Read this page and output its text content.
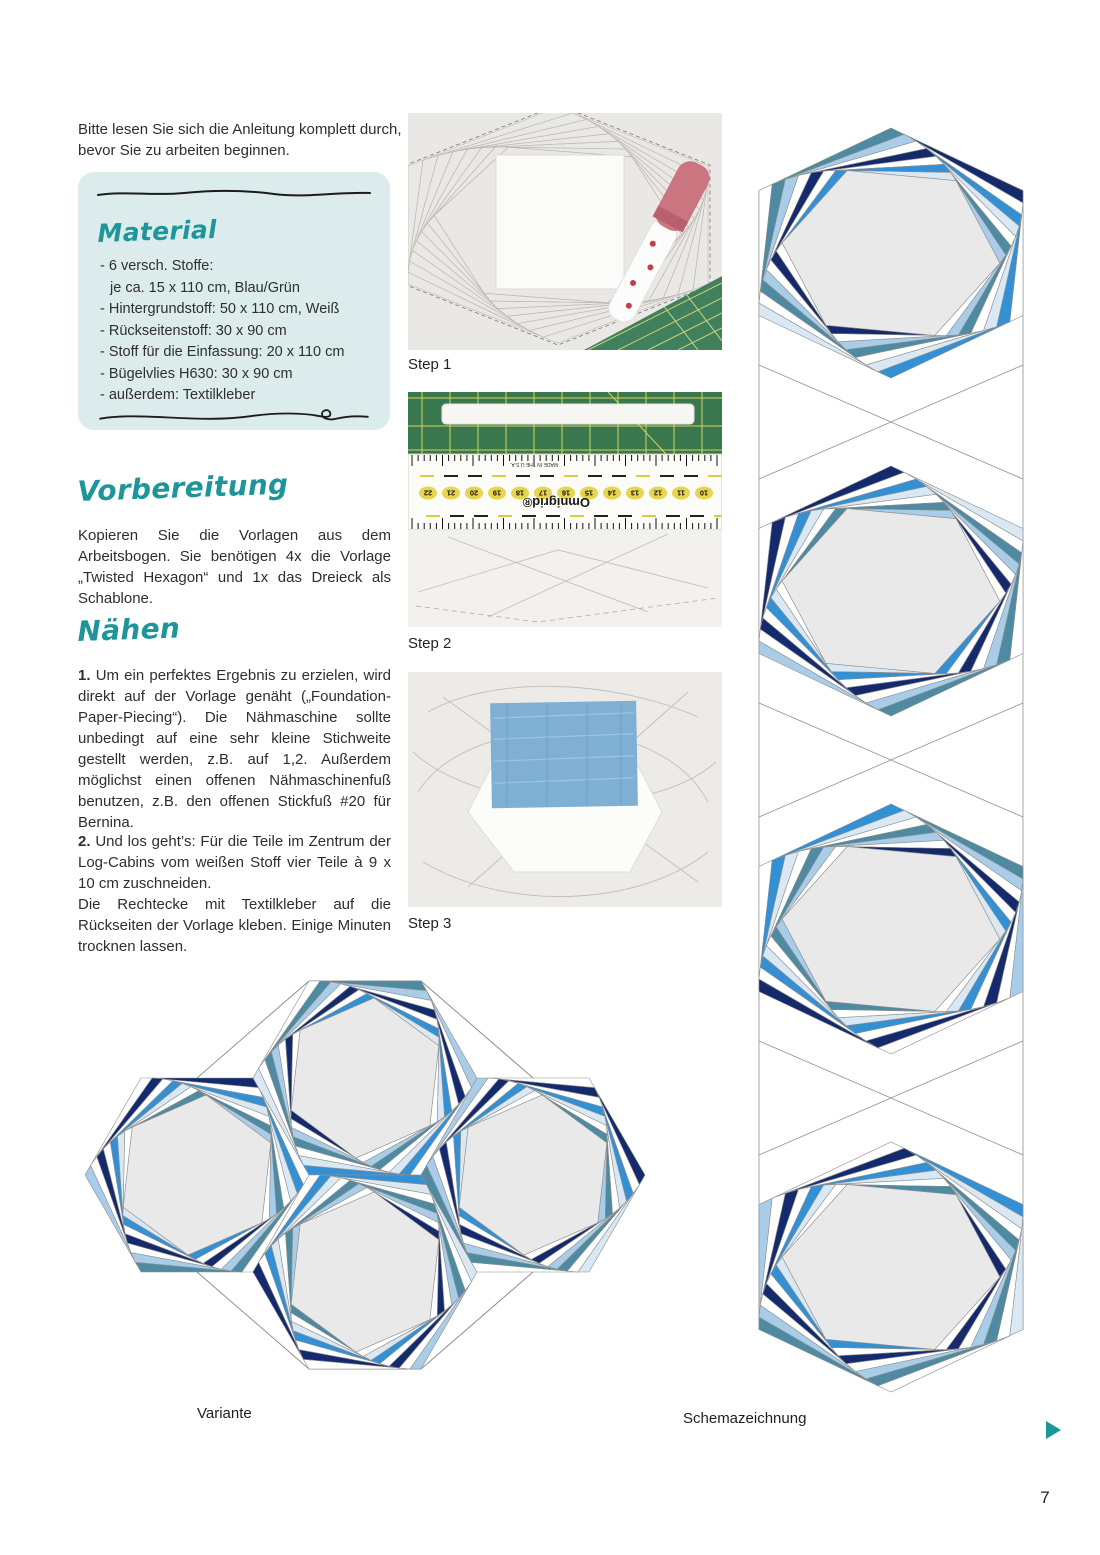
Bitte lesen Sie sich die Anleitung komplett durch, bevor Sie zu arbeiten beginnen.

Material
- 6 versch. Stoffe:
je ca. 15 x 110 cm, Blau/Grün
- Hintergrundstoff: 50 x 110 cm, Weiß
- Rückseitenstoff: 30 x 90 cm
- Stoff für die Einfassung: 20 x 110 cm
- Bügelvlies H630: 30 x 90 cm
- außerdem: Textilkleber
Vorbereitung

Kopieren Sie die Vorlagen aus dem Arbeitsbogen. Sie benötigen 4x die Vorlage „Twisted Hexagon“ und 1x das Dreieck als Schablone.

Nähen

1. Um ein perfektes Ergebnis zu erzielen, wird direkt auf der Vorlage genäht („Foundation-Paper-Piecing“). Die Nähmaschine sollte unbedingt auf eine sehr kleine Stichweite gestellt werden, z.B. auf 1,2. Außerdem möglichst einen offenen Nähmaschinenfuß benutzen, z.B. den offenen Stickfuß #20 für Bernina.

2. Und los geht’s: Für die Teile im Zentrum der Log-Cabins vom weißen Stoff vier Teile à 9 x 10 cm zuschneiden.
Die Rechtecke mit Textilkleber auf die Rückseiten der Vorlage kleben. Einige Minuten trocknen lassen.

Step 1
22 21 20 19 18 17 16 15 14 13 12 11 10
Omnigrid®
MADE IN THE U.S.A.
Step 2
Step 3
Schemazeichnung
Variante
7
